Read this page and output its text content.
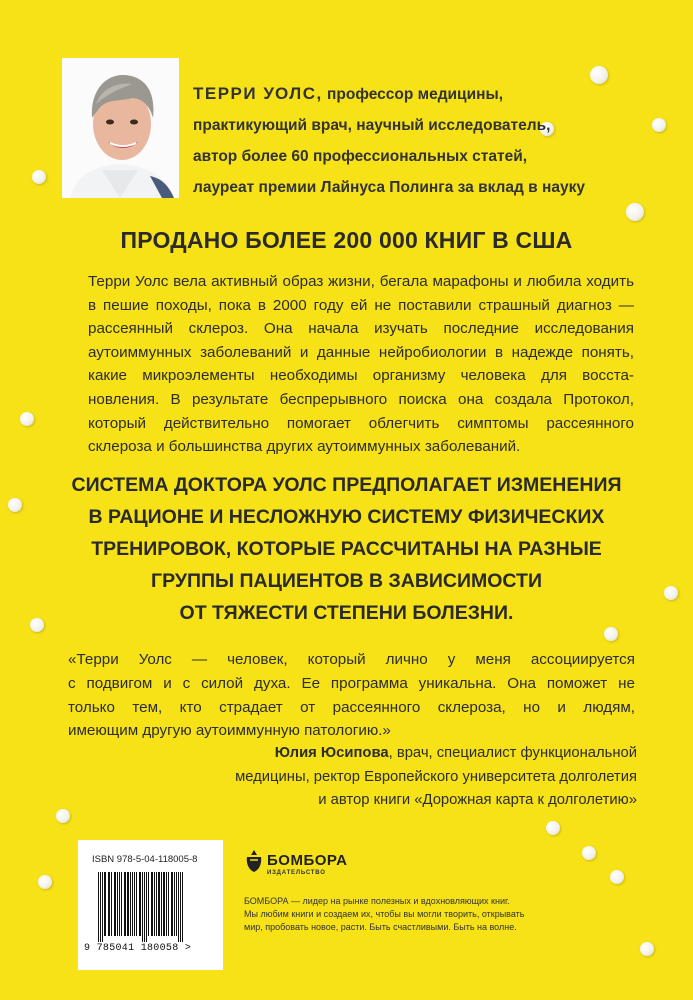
ТЕРРИ УОЛС, профессор медицины,
практикующий врач, научный исследователь,
автор более 60 профессиональных статей,
лауреат премии Лайнуса Полинга за вклад в науку
ПРОДАНО БОЛЕЕ 200 000 КНИГ В США
Терри Уолс вела активный образ жизни, бегала марафоны и любила ходить
в пешие походы, пока в 2000 году ей не поставили страшный диагноз —
рассеянный склероз. Она начала изучать последние исследования
аутоиммунных заболеваний и данные нейробиологии в надежде понять,
какие микроэлементы необходимы организму человека для восста-
новления. В результате беспрерывного поиска она создала Протокол,
который действительно помогает облегчить симптомы рассеянного
склероза и большинства других аутоиммунных заболеваний.
СИСТЕМА ДОКТОРА УОЛС ПРЕДПОЛАГАЕТ ИЗМЕНЕНИЯ
В РАЦИОНЕ И НЕСЛОЖНУЮ СИСТЕМУ ФИЗИЧЕСКИХ
ТРЕНИРОВОК, КОТОРЫЕ РАССЧИТАНЫ НА РАЗНЫЕ
ГРУППЫ ПАЦИЕНТОВ В ЗАВИСИМОСТИ
ОТ ТЯЖЕСТИ СТЕПЕНИ БОЛЕЗНИ.
«Терри Уолс — человек, который лично у меня ассоциируется
с подвигом и с силой духа. Ее программа уникальна. Она поможет не
только тем, кто страдает от рассеянного склероза, но и людям,
имеющим другую аутоиммунную патологию.»
Юлия Юсипова, врач, специалист функциональной
медицины, ректор Европейского университета долголетия
и автор книги «Дорожная карта к долголетию»
ISBN 978-5-04-118005-8
9 785041 180058 >
БОМБОРА
ИЗДАТЕЛЬСТВО
БОМБОРА — лидер на рынке полезных и вдохновляющих книг.
Мы любим книги и создаем их, чтобы вы могли творить, открывать
мир, пробовать новое, расти. Быть счастливыми. Быть на волне.
